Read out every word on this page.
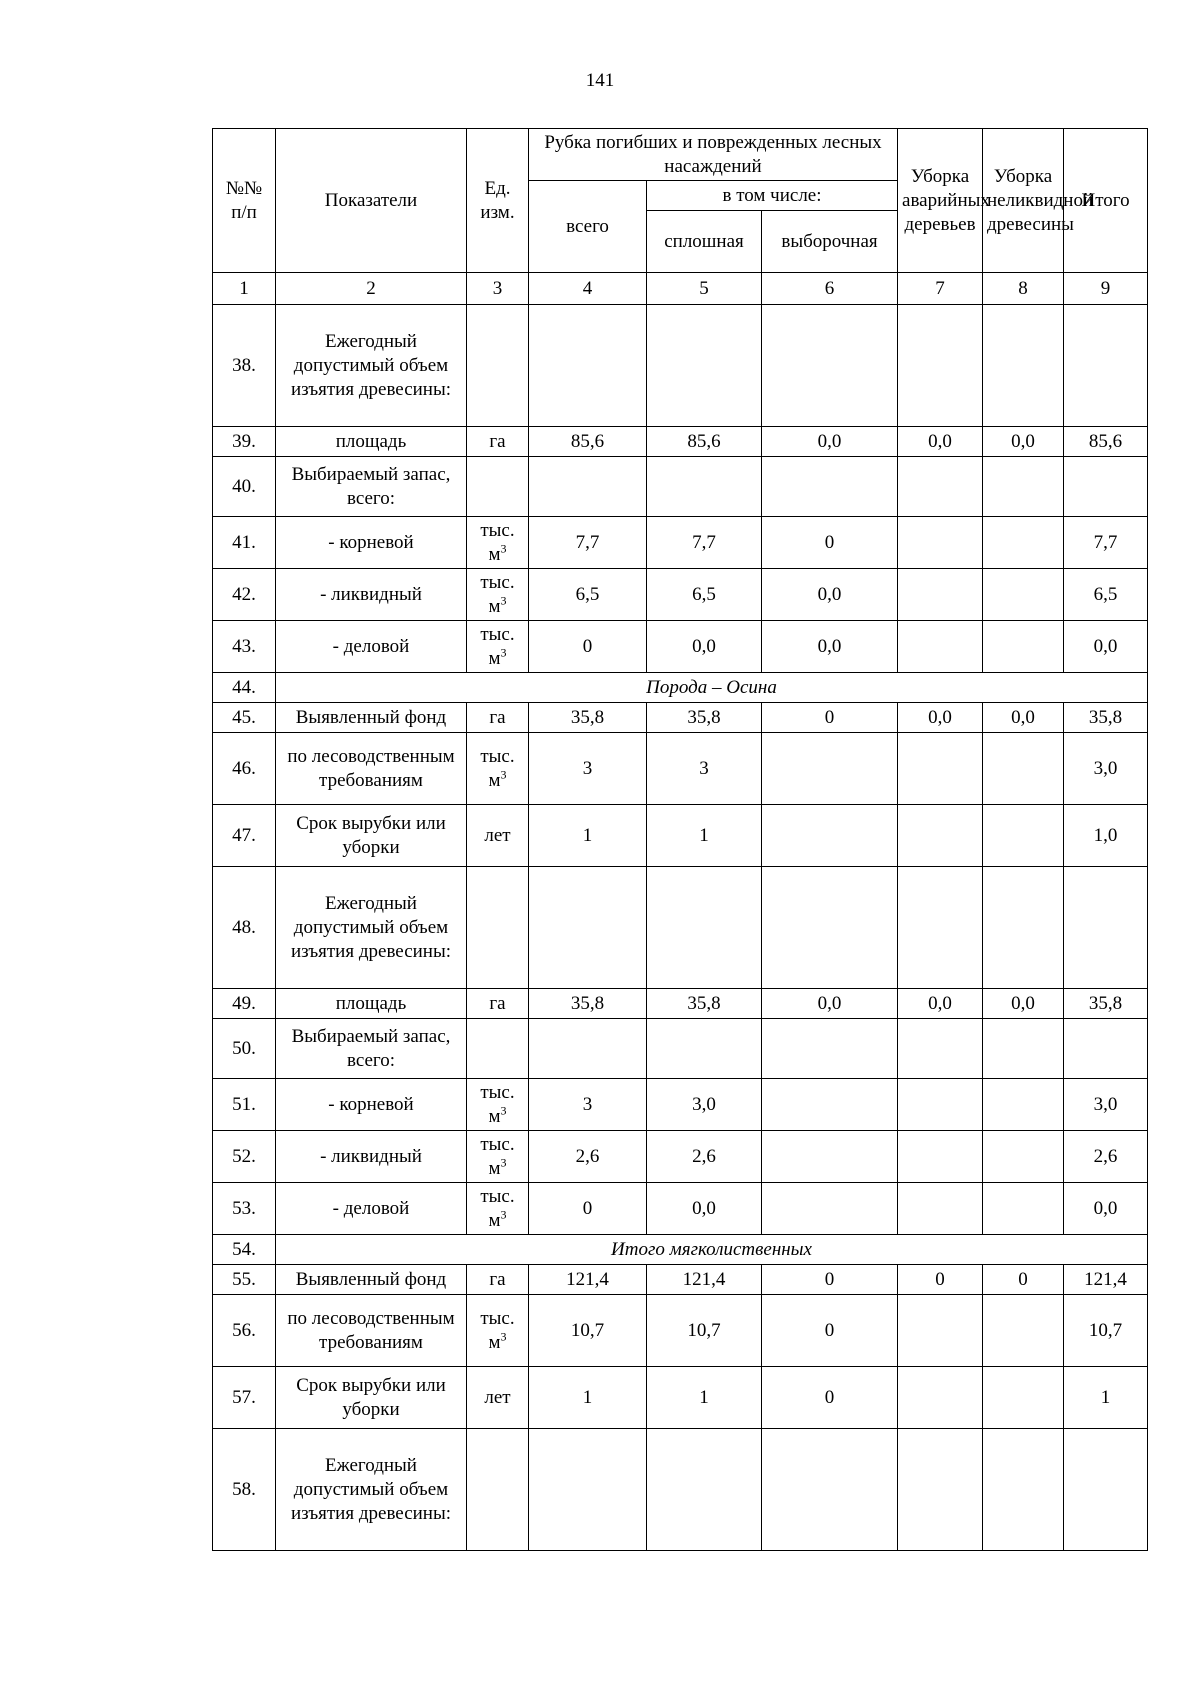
141
№№ п/п	Показатели	Ед. изм.	Рубка погибших и поврежденных лесных насаждений			Уборка аварийных деревьев	Уборка неликвидной древесины	Итого
			всего	в том числе:				
				сплошная	выборочная			
1	2	3	4	5	6	7	8	9
38.	Ежегодный допустимый объем изъятия древесины:							
39.	площадь	га	85,6	85,6	0,0	0,0	0,0	85,6
40.	Выбираемый запас, всего:							
41.	- корневой	тыс. $м^3$	7,7	7,7	0			7,7
42.	- ликвидный	тыс. $м^3$	6,5	6,5	0,0			6,5
43.	- деловой	тыс. $м^3$	0	0,0	0,0			0,0
44.	Порода – Осина							
45.	Выявленный фонд	га	35,8	35,8	0	0,0	0,0	35,8
46.	по лесоводственным требованиям	тыс. $м^3$	3	3				3,0
47.	Срок вырубки или уборки	лет	1	1				1,0
48.	Ежегодный допустимый объем изъятия древесины:							
49.	площадь	га	35,8	35,8	0,0	0,0	0,0	35,8
50.	Выбираемый запас, всего:							
51.	- корневой	тыс. $м^3$	3	3,0				3,0
52.	- ликвидный	тыс. $м^3$	2,6	2,6				2,6
53.	- деловой	тыс. $м^3$	0	0,0				0,0
54.	Итого мягколиственных							
55.	Выявленный фонд	га	121,4	121,4	0	0	0	121,4
56.	по лесоводственным требованиям	тыс. $м^3$	10,7	10,7	0			10,7
57.	Срок вырубки или уборки	лет	1	1	0			1
58.	Ежегодный допустимый объем изъятия древесины:							
